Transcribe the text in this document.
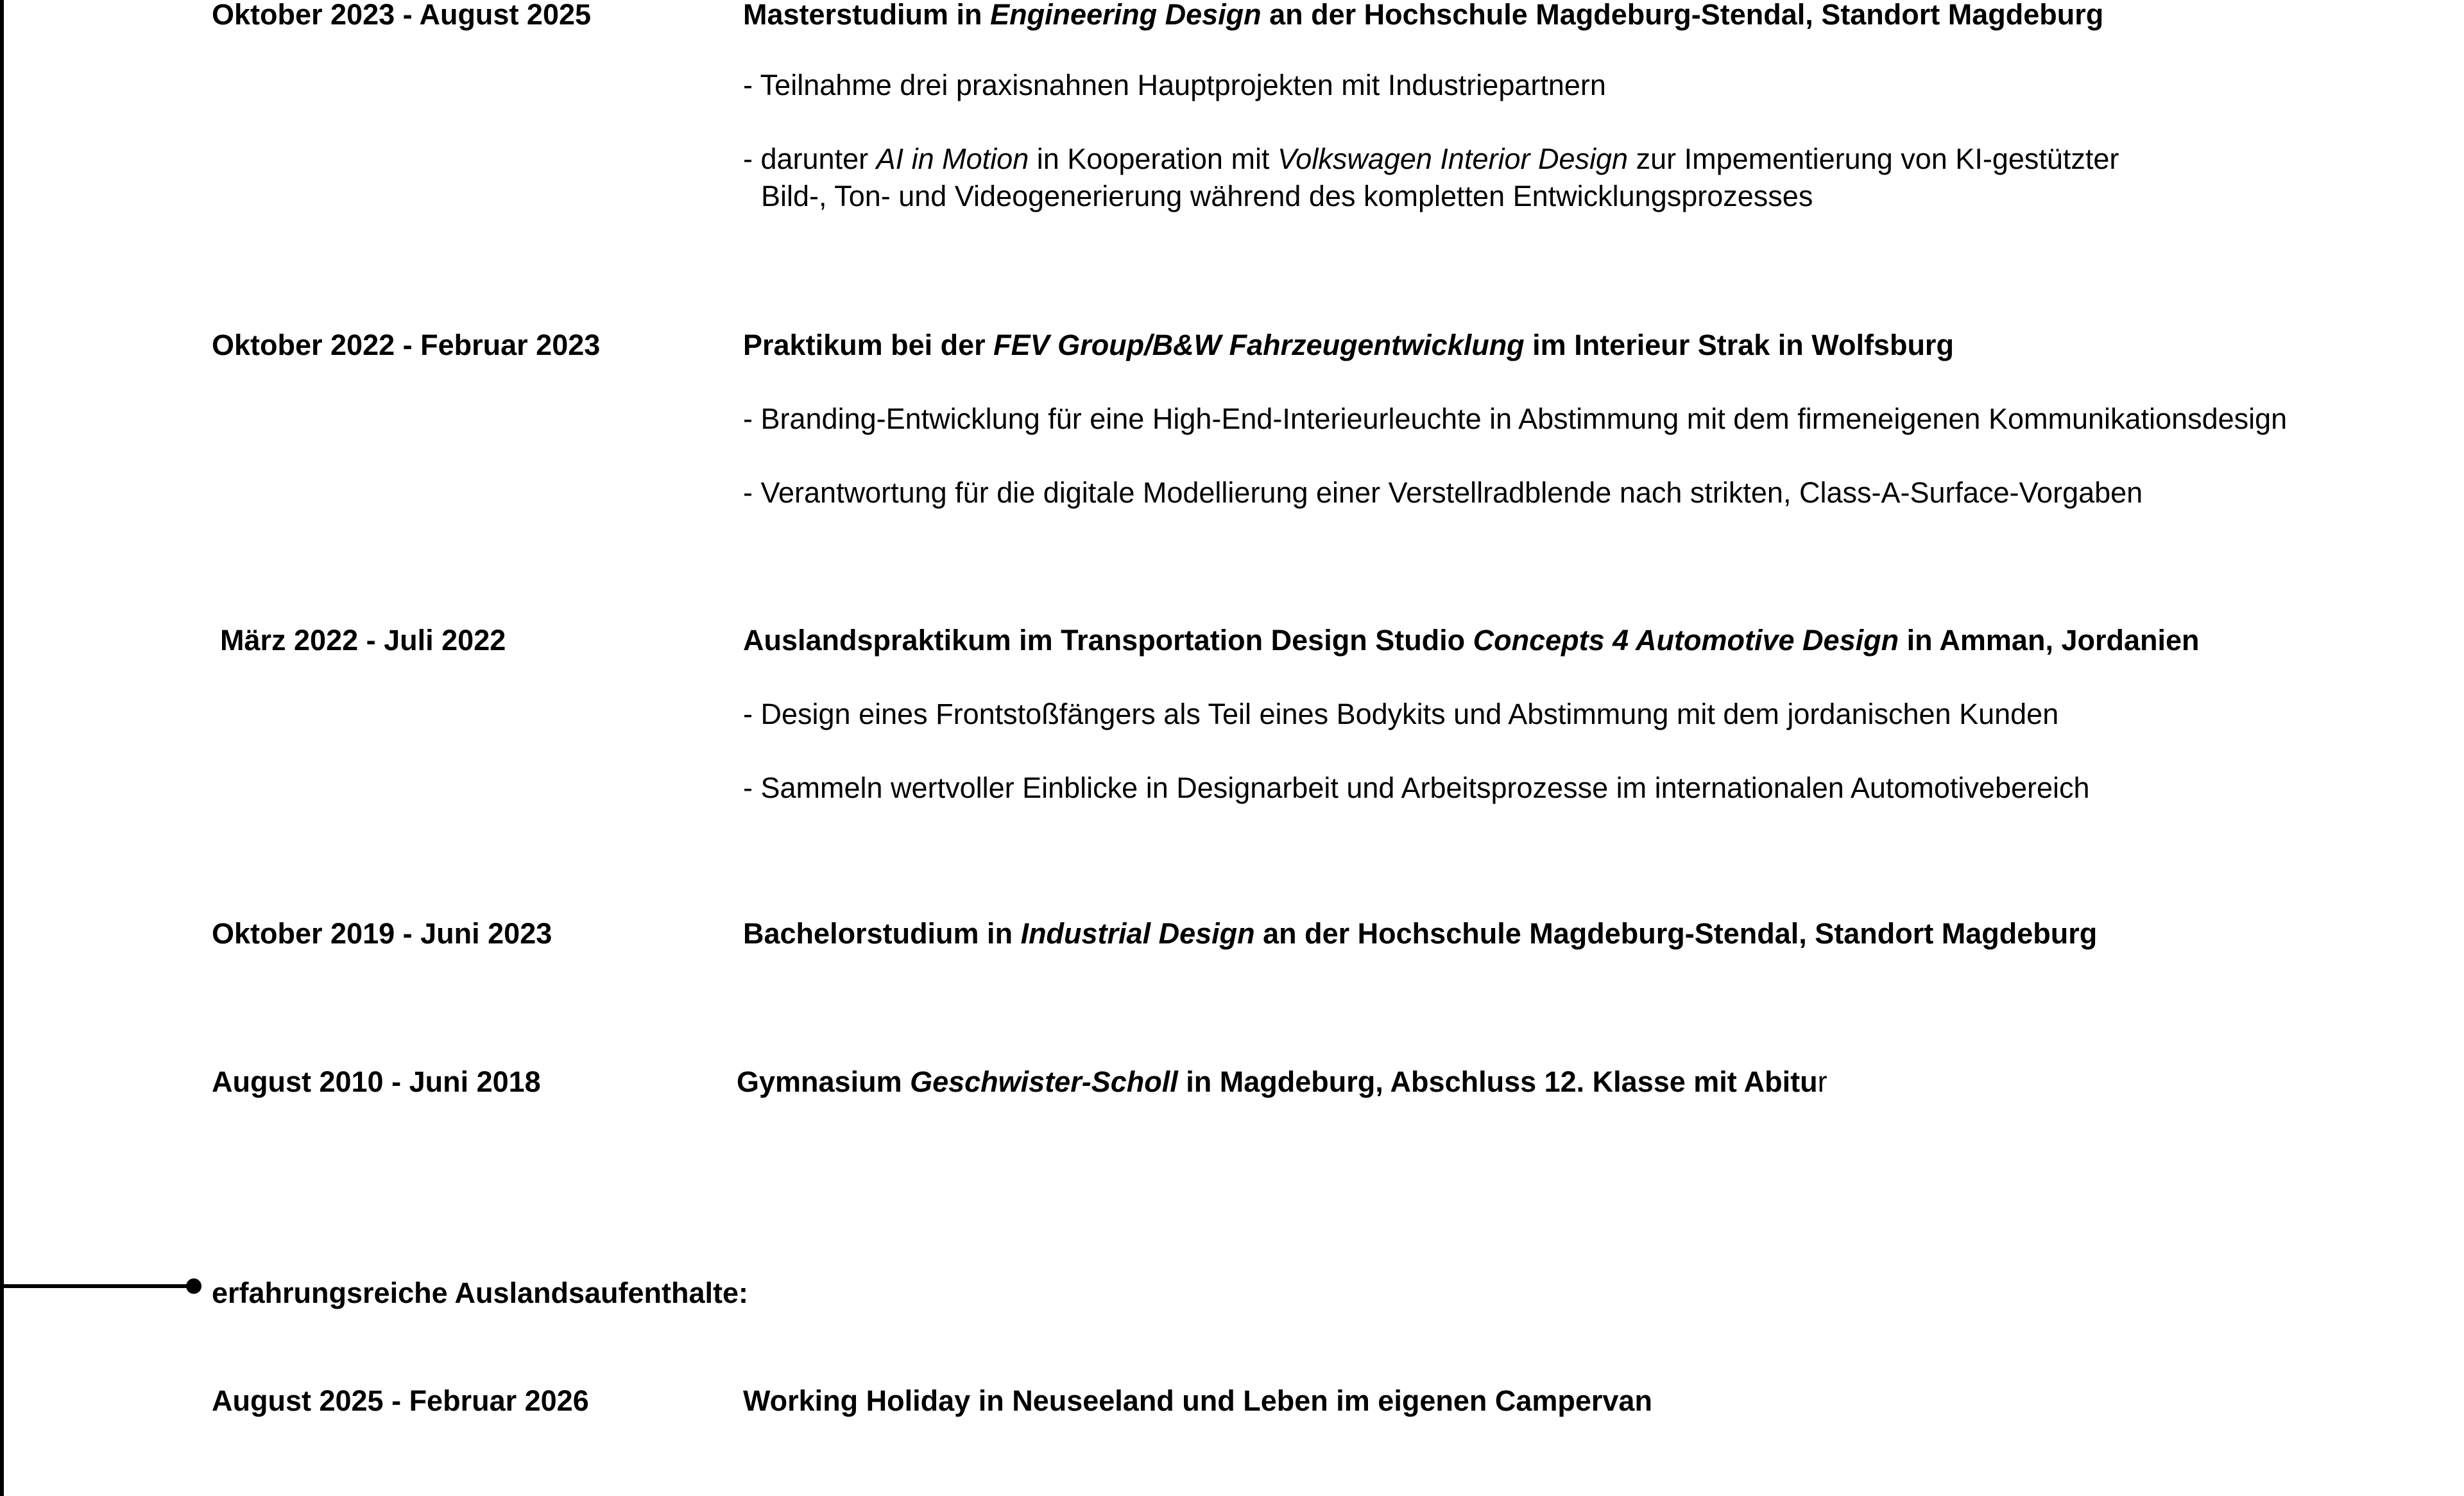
Oktober 2023 - August 2025	Masterstudium in Engineering Design an der Hochschule Magdeburg-Stendal, Standort Magdeburg
- Teilnahme drei praxisnahnen Hauptprojekten mit Industriepartnern
- darunter AI in Motion in Kooperation mit Volkswagen Interior Design zur Impementierung von KI-gestützter
Bild-, Ton- und Videogenerierung während des kompletten Entwicklungsprozesses
Oktober 2022 - Februar 2023	Praktikum bei der FEV Group/B&W Fahrzeugentwicklung im Interieur Strak in Wolfsburg
- Branding-Entwicklung für eine High-End-Interieurleuchte in Abstimmung mit dem firmeneigenen Kommunikationsdesign
- Verantwortung für die digitale Modellierung einer Verstellradblende nach strikten, Class-A-Surface-Vorgaben
März 2022 - Juli 2022	Auslandspraktikum im Transportation Design Studio Concepts 4 Automotive Design in Amman, Jordanien
- Design eines Frontstoßfängers als Teil eines Bodykits und Abstimmung mit dem jordanischen Kunden
- Sammeln wertvoller Einblicke in Designarbeit und Arbeitsprozesse im internationalen Automotivebereich
Oktober 2019 - Juni 2023	Bachelorstudium in Industrial Design an der Hochschule Magdeburg-Stendal, Standort Magdeburg
August 2010 - Juni 2018	Gymnasium Geschwister-Scholl in Magdeburg, Abschluss 12. Klasse mit Abitur
erfahrungsreiche Auslandsaufenthalte:
August 2025 - Februar 2026	Working Holiday in Neuseeland und Leben im eigenen Campervan
